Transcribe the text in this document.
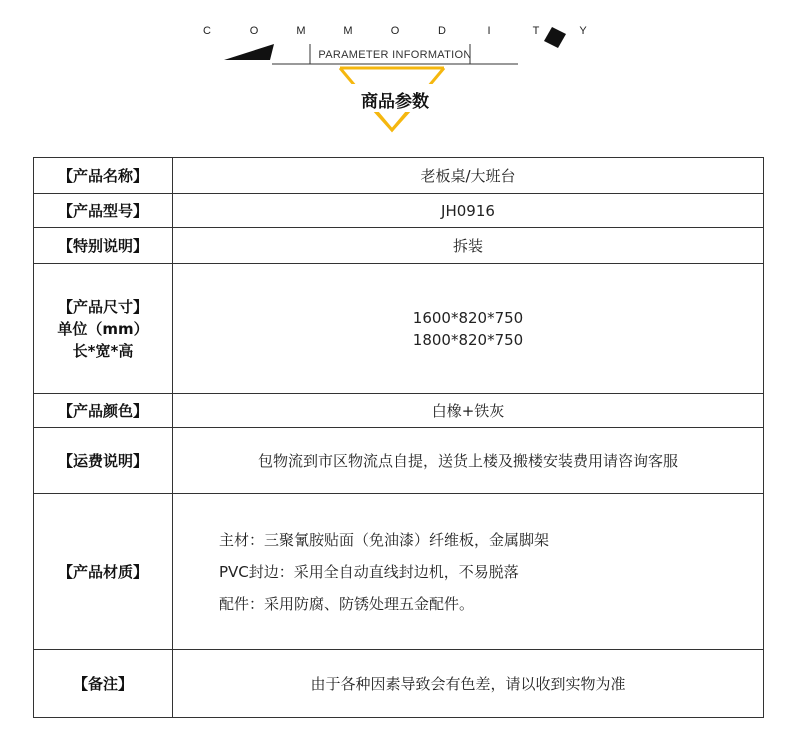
C	O	M	M	O	D	I	T	Y
PARAMETER INFORMATION
商品参数
【产品名称】	老板桌/大班台
【产品型号】	JH0916
【特别说明】	拆装

【产品尺寸】
单位（mm）
长*宽*高	1600*820*750
1800*820*750

【产品颜色】	白橡+铁灰
【运费说明】	包物流到市区物流点自提，送货上楼及搬楼安装费用请咨询客服
【产品材质】	主材：三聚氰胺贴面（免油漆）纤维板，金属脚架
PVC封边：采用全自动直线封边机，不易脱落
配件：采用防腐、防锈处理五金配件。

【备注】	由于各种因素导致会有色差，请以收到实物为准
